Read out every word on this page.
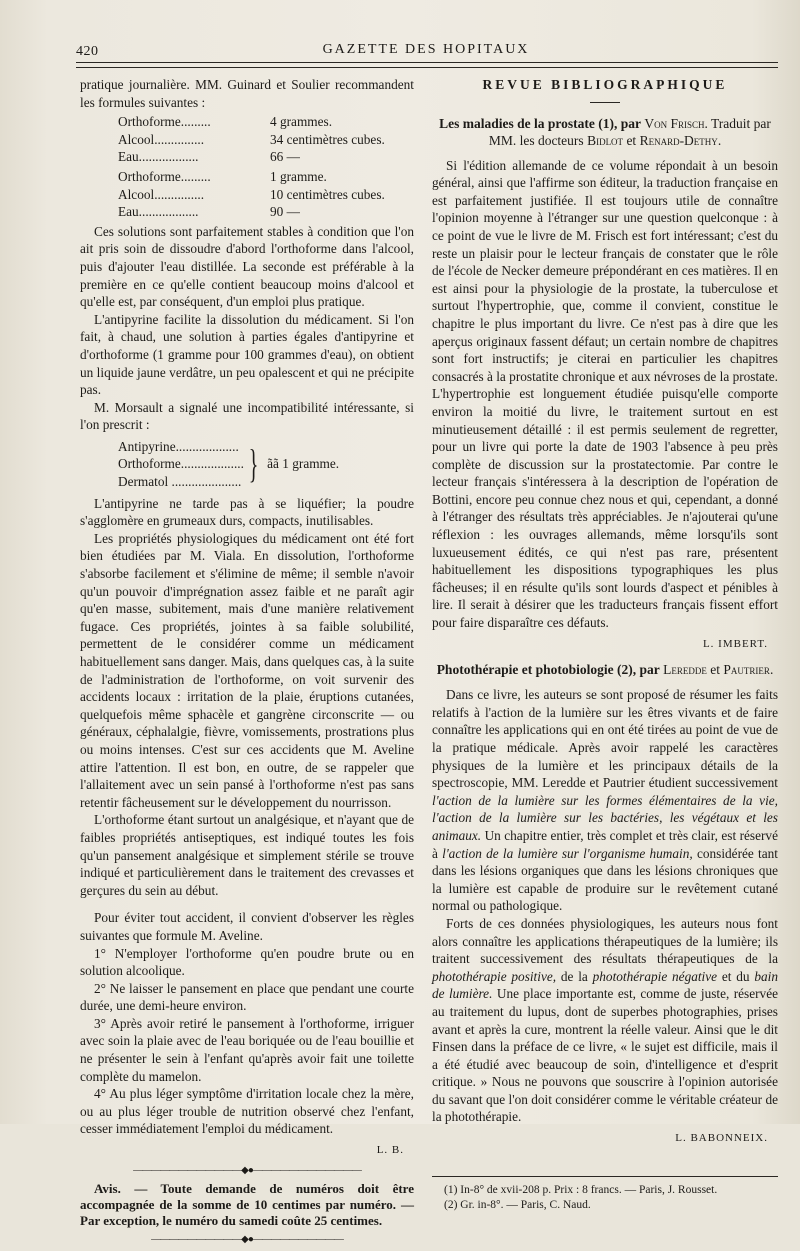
420	GAZETTE DES HOPITAUX

pratique journalière. MM. Guinard et Soulier recommandent les formules suivantes :

Orthoforme.........	4 grammes.
Alcool...............	34 centimètres cubes.
Eau..................	66 —
Orthoforme.........	1 gramme.
Alcool...............	10 centimètres cubes.
Eau..................	90 —

Ces solutions sont parfaitement stables à condition que l'on ait pris soin de dissoudre d'abord l'orthoforme dans l'alcool, puis d'ajouter l'eau distillée. La seconde est préférable à la première en ce qu'elle contient beaucoup moins d'alcool et qu'elle est, par conséquent, d'un emploi plus pratique.

L'antipyrine facilite la dissolution du médicament. Si l'on fait, à chaud, une solution à parties égales d'antipyrine et d'orthoforme (1 gramme pour 100 grammes d'eau), on obtient un liquide jaune verdâtre, un peu opalescent et qui ne précipite pas.

M. Morsault a signalé une incompatibilité intéressante, si l'on prescrit :

Antipyrine...................
Orthoforme...................
Dermatol ..................... } ãã 1 gramme.

L'antipyrine ne tarde pas à se liquéfier; la poudre s'agglomère en grumeaux durs, compacts, inutilisables.

Les propriétés physiologiques du médicament ont été fort bien étudiées par M. Viala. En dissolution, l'orthoforme s'absorbe facilement et s'élimine de même; il semble n'avoir qu'un pouvoir d'imprégnation assez faible et ne paraît agir qu'en masse, subitement, mais d'une manière relativement fugace. Ces propriétés, jointes à sa faible solubilité, permettent de le considérer comme un médicament habituellement sans danger. Mais, dans quelques cas, à la suite de l'administration de l'orthoforme, on voit survenir des accidents locaux : irritation de la plaie, éruptions cutanées, quelquefois même sphacèle et gangrène circonscrite — ou généraux, céphalalgie, fièvre, vomissements, prostrations plus ou moins intenses. C'est sur ces accidents que M. Aveline attire l'attention. Il est bon, en outre, de se rappeler que l'allaitement avec un sein pansé à l'orthoforme n'est pas sans retentir fâcheusement sur le développement du nourrisson.

L'orthoforme étant surtout un analgésique, et n'ayant que de faibles propriétés antiseptiques, est indiqué toutes les fois qu'un pansement analgésique et simplement stérile se trouve indiqué et particulièrement dans le traitement des crevasses et gerçures du sein au début.

Pour éviter tout accident, il convient d'observer les règles suivantes que formule M. Aveline.

1° N'employer l'orthoforme qu'en poudre brute ou en solution alcoolique.

2° Ne laisser le pansement en place que pendant une courte durée, une demi-heure environ.

3° Après avoir retiré le pansement à l'orthoforme, irriguer avec soin la plaie avec de l'eau boriquée ou de l'eau bouillie et ne présenter le sein à l'enfant qu'après avoir fait une toilette complète du mamelon.

4° Au plus léger symptôme d'irritation locale chez la mère, ou au plus léger trouble de nutrition observé chez l'enfant, cesser immédiatement l'emploi du médicament.

L. B.
————————————◆●————————————

Avis. — Toute demande de numéros doit être accompagnée de la somme de 10 centimes par numéro. — Par exception, le numéro du samedi coûte 25 centimes.

——————————◆●——————————
REVUE BIBLIOGRAPHIQUE
Les maladies de la prostate (1), par Von Frisch. Traduit par MM. les docteurs Bidlot et Renard-Dethy.

Si l'édition allemande de ce volume répondait à un besoin général, ainsi que l'affirme son éditeur, la traduction française en est parfaitement justifiée. Il est toujours utile de connaître l'opinion moyenne à l'étranger sur une question quelconque : à ce point de vue le livre de M. Frisch est fort intéressant; c'est du reste un plaisir pour le lecteur français de constater que le rôle de l'école de Necker demeure prépondérant en ces matières. Il en est ainsi pour la physiologie de la prostate, la tuberculose et surtout l'hypertrophie, que, comme il convient, constitue le chapitre le plus important du livre. Ce n'est pas à dire que les aperçus originaux fassent défaut; un certain nombre de chapitres sont fort instructifs; je citerai en particulier les chapitres consacrés à la prostatite chronique et aux névroses de la prostate. L'hypertrophie est longuement étudiée puisqu'elle comporte environ la moitié du livre, le traitement surtout en est minutieusement détaillé : il est permis seulement de regretter, pour un livre qui porte la date de 1903 l'absence à peu près complète de discussion sur la prostatectomie. Par contre le lecteur français s'intéressera à la description de l'opération de Bottini, encore peu connue chez nous et qui, cependant, a donné à l'étranger des résultats très appréciables. Je n'ajouterai qu'une réflexion : les ouvrages allemands, même lorsqu'ils sont luxueusement édités, ce qui n'est pas rare, présentent habituellement les dispositions typographiques les plus fâcheuses; il en résulte qu'ils sont lourds d'aspect et pénibles à lire. Il serait à désirer que les traducteurs français fissent effort pour faire disparaître ces défauts.

L. IMBERT.
Photothérapie et photobiologie (2), par Leredde et Pautrier.

Dans ce livre, les auteurs se sont proposé de résumer les faits relatifs à l'action de la lumière sur les êtres vivants et de faire connaître les applications qui en ont été tirées au point de vue de la pratique médicale. Après avoir rappelé les caractères physiques de la lumière et les principaux détails de la spectroscopie, MM. Leredde et Pautrier étudient successivement l'action de la lumière sur les formes élémentaires de la vie, l'action de la lumière sur les bactéries, les végétaux et les animaux. Un chapitre entier, très complet et très clair, est réservé à l'action de la lumière sur l'organisme humain, considérée tant dans les lésions organiques que dans les lésions chroniques que la lumière est capable de produire sur le revêtement cutané normal ou pathologique.

Forts de ces données physiologiques, les auteurs nous font alors connaître les applications thérapeutiques de la lumière; ils traitent successivement des résultats thérapeutiques de la photothérapie positive, de la photothérapie négative et du bain de lumière. Une place importante est, comme de juste, réservée au traitement du lupus, dont de superbes photographies, prises avant et après la cure, montrent la réelle valeur. Ainsi que le dit Finsen dans la préface de ce livre, « le sujet est difficile, mais il a été étudié avec beaucoup de soin, d'intelligence et d'esprit critique. » Nous ne pouvons que souscrire à l'opinion autorisée du savant que l'on doit considérer comme le véritable créateur de la photothérapie.

L. BABONNEIX.
(1) In-8° de xvii-208 p. Prix : 8 francs. — Paris, J. Rousset.
(2) Gr. in-8°. — Paris, C. Naud.
